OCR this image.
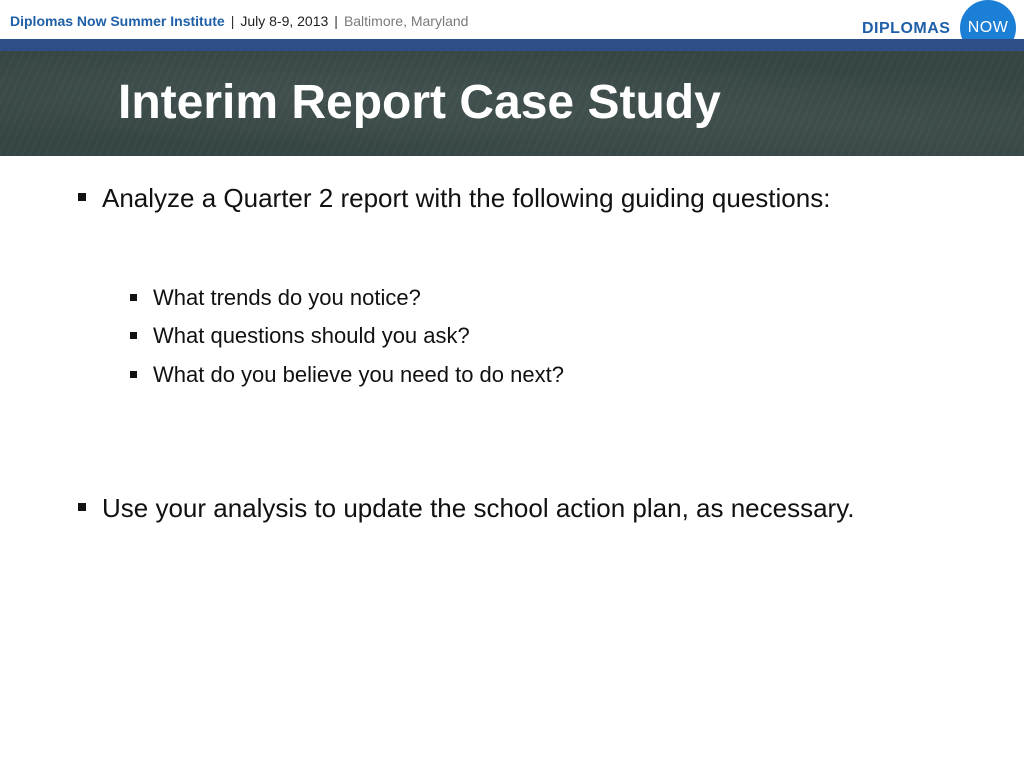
Diplomas Now Summer Institute | July 8-9, 2013 | Baltimore, Maryland	DIPLOMAS NOW
Interim Report Case Study
Analyze a Quarter 2 report with the following guiding questions:
What trends do you notice?
What questions should you ask?
What do you believe you need to do next?
Use your analysis to update the school action plan, as necessary.
